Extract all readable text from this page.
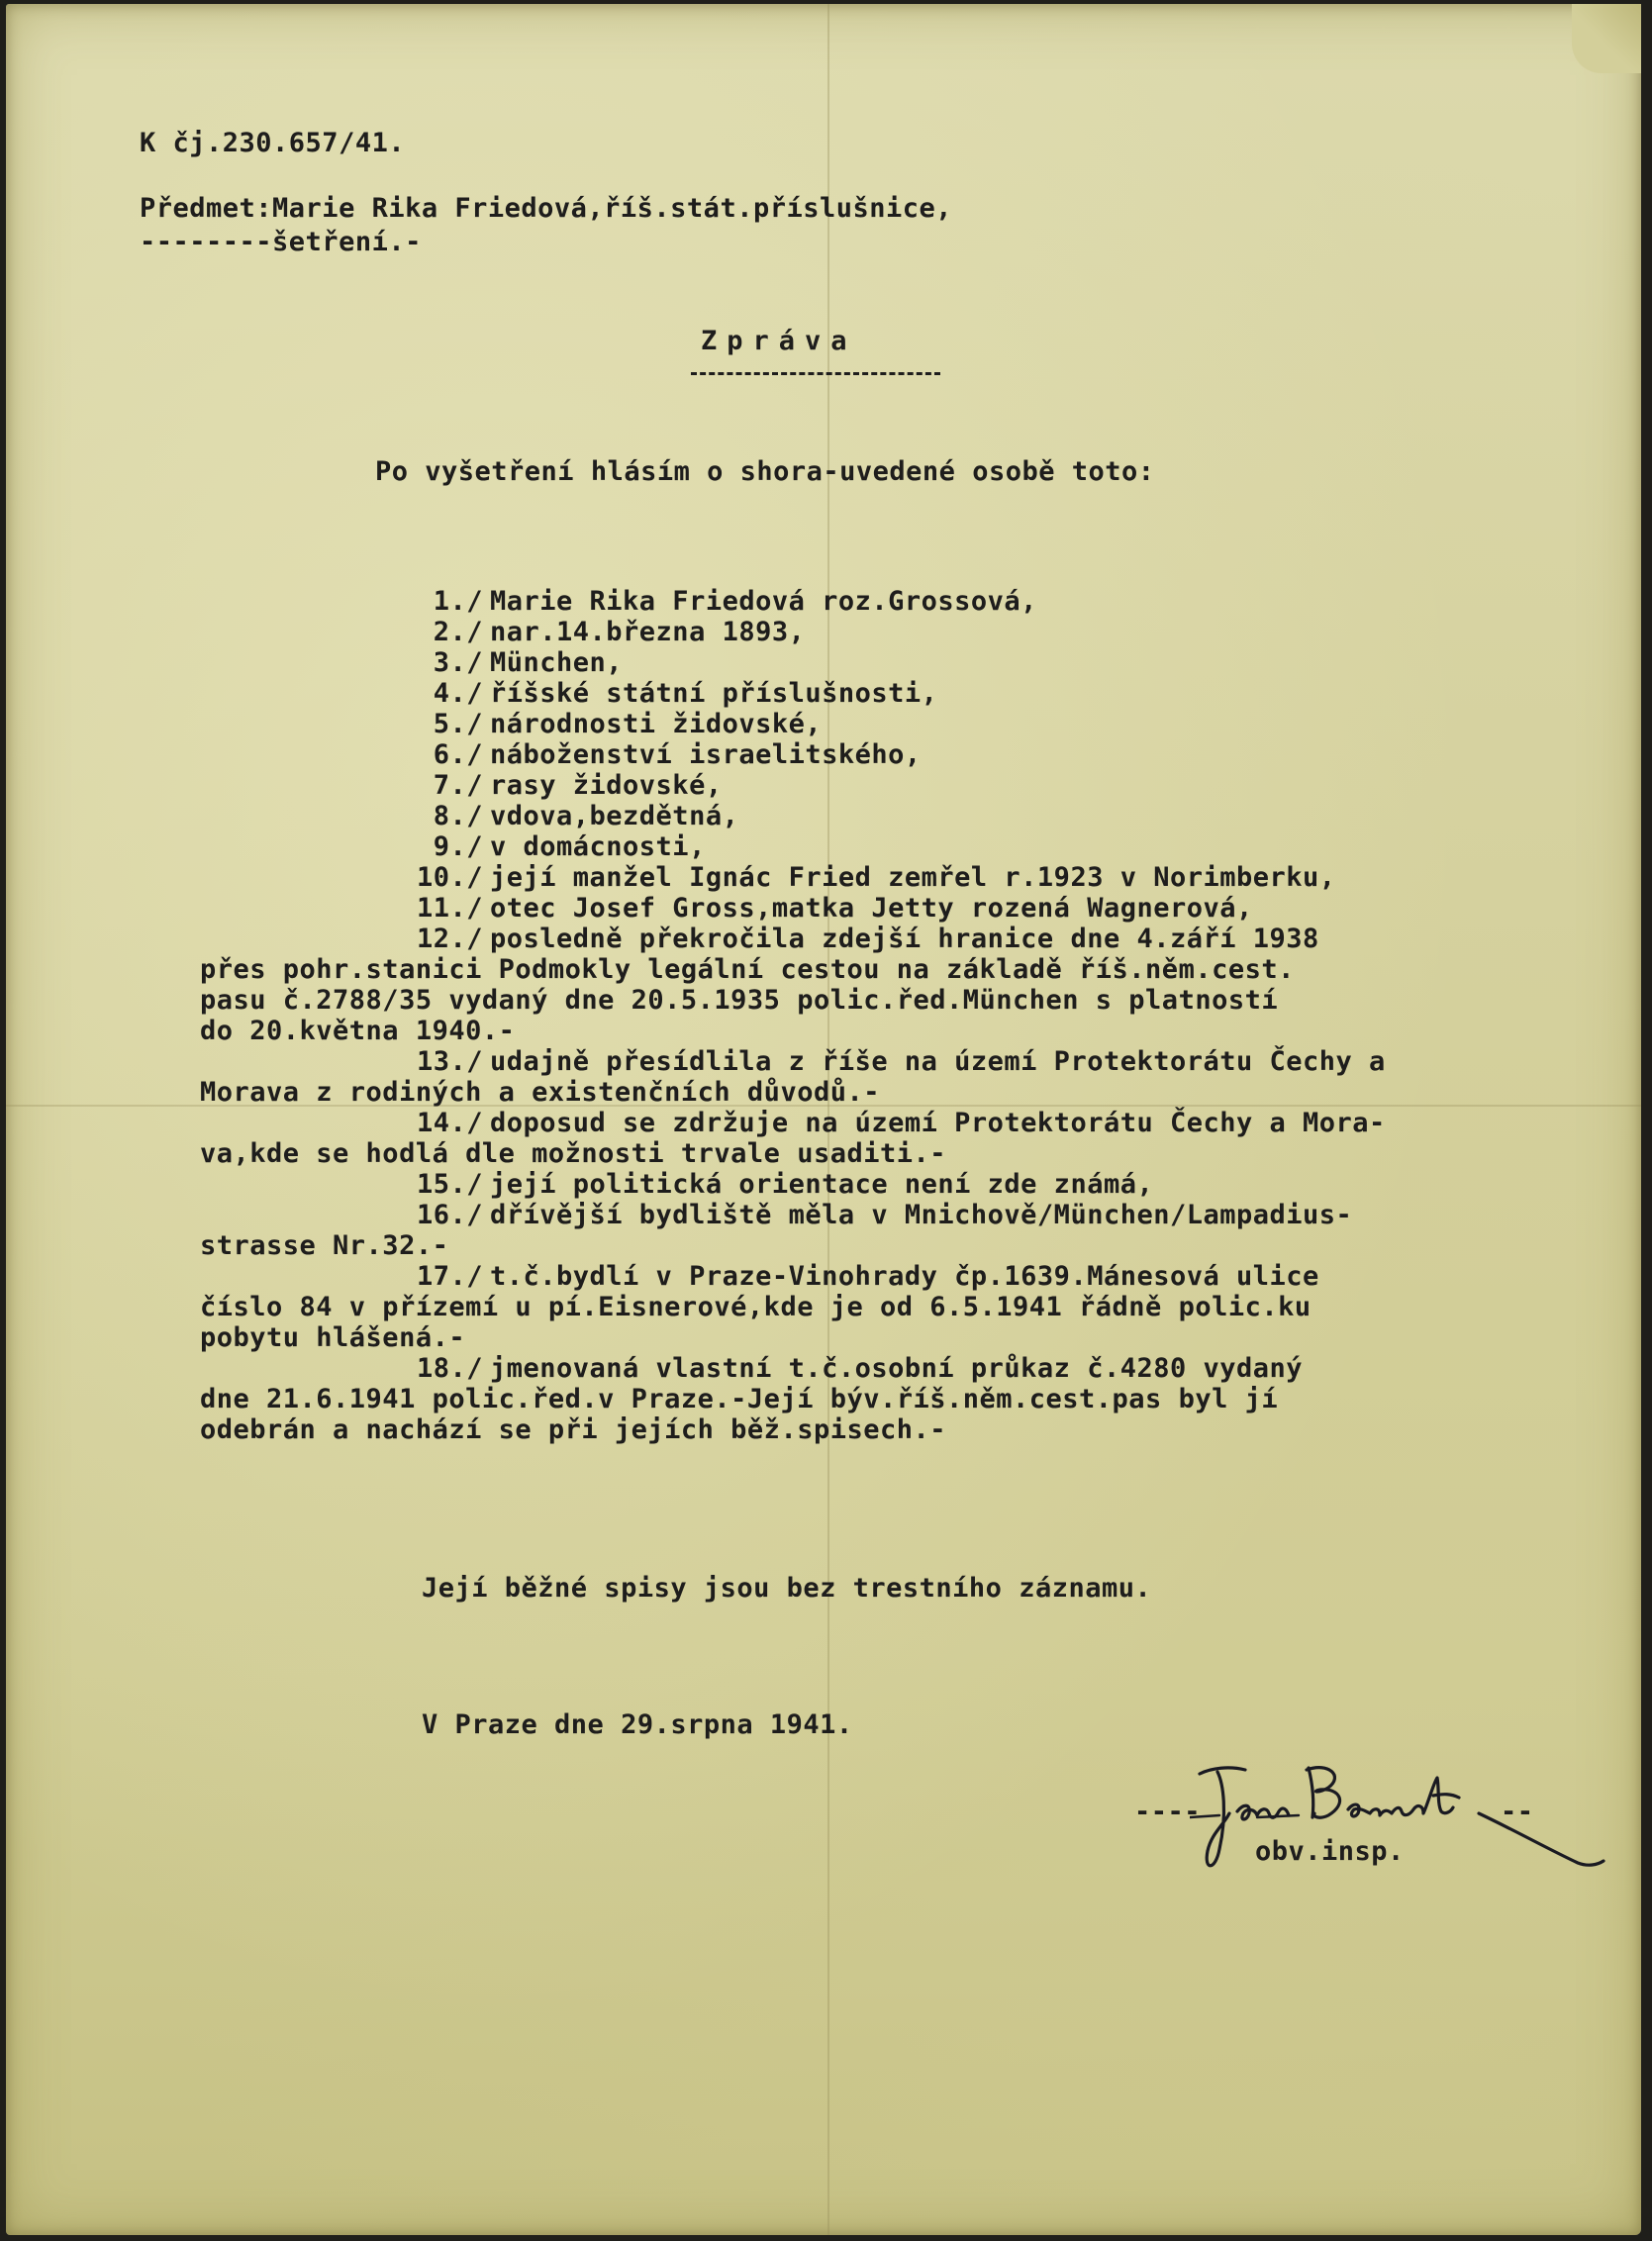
K čj.230.657/41.
Předmet:Marie Rika Friedová,říš.stát.příslušnice,
--------šetření.-
Zpráva
Po vyšetření hlásím o shora-uvedené osobě toto:
1./ Marie Rika Friedová roz.Grossová,
2./ nar.14.března 1893,
3./ München,
4./ říšské státní příslušnosti,
5./ národnosti židovské,
6./ náboženství israelitského,
7./ rasy židovské,
8./ vdova,bezdětná,
9./ v domácnosti,
10./ její manžel Ignác Fried zemřel r.1923 v Norimberku,
11./ otec Josef Gross,matka Jetty rozená Wagnerová,
12./ posledně překročila zdejší hranice dne 4.září 1938
přes pohr.stanici Podmokly legální cestou na základě říš.něm.cest.
pasu č.2788/35 vydaný dne 20.5.1935 polic.řed.München s platností
do 20.května 1940.-
13./ udajně přesídlila z říše na území Protektorátu Čechy a
Morava z rodiných a existenčních důvodů.-
14./ doposud se zdržuje na území Protektorátu Čechy a Mora-
va,kde se hodlá dle možnosti trvale usaditi.-
15./ její politická orientace není zde známá,
16./ dřívější bydliště měla v Mnichově/München/Lampadius-
strasse Nr.32.-
17./ t.č.bydlí v Praze-Vinohrady čp.1639.Mánesová ulice
číslo 84 v přízemí u pí.Eisnerové,kde je od 6.5.1941 řádně polic.ku
pobytu hlášená.-
18./ jmenovaná vlastní t.č.osobní průkaz č.4280 vydaný
dne 21.6.1941 polic.řed.v Praze.-Její býv.říš.něm.cest.pas byl jí
odebrán a nachází se při jejích běž.spisech.-
Její běžné spisy jsou bez trestního záznamu.
V Praze dne 29.srpna 1941.
----	--
obv.insp.
